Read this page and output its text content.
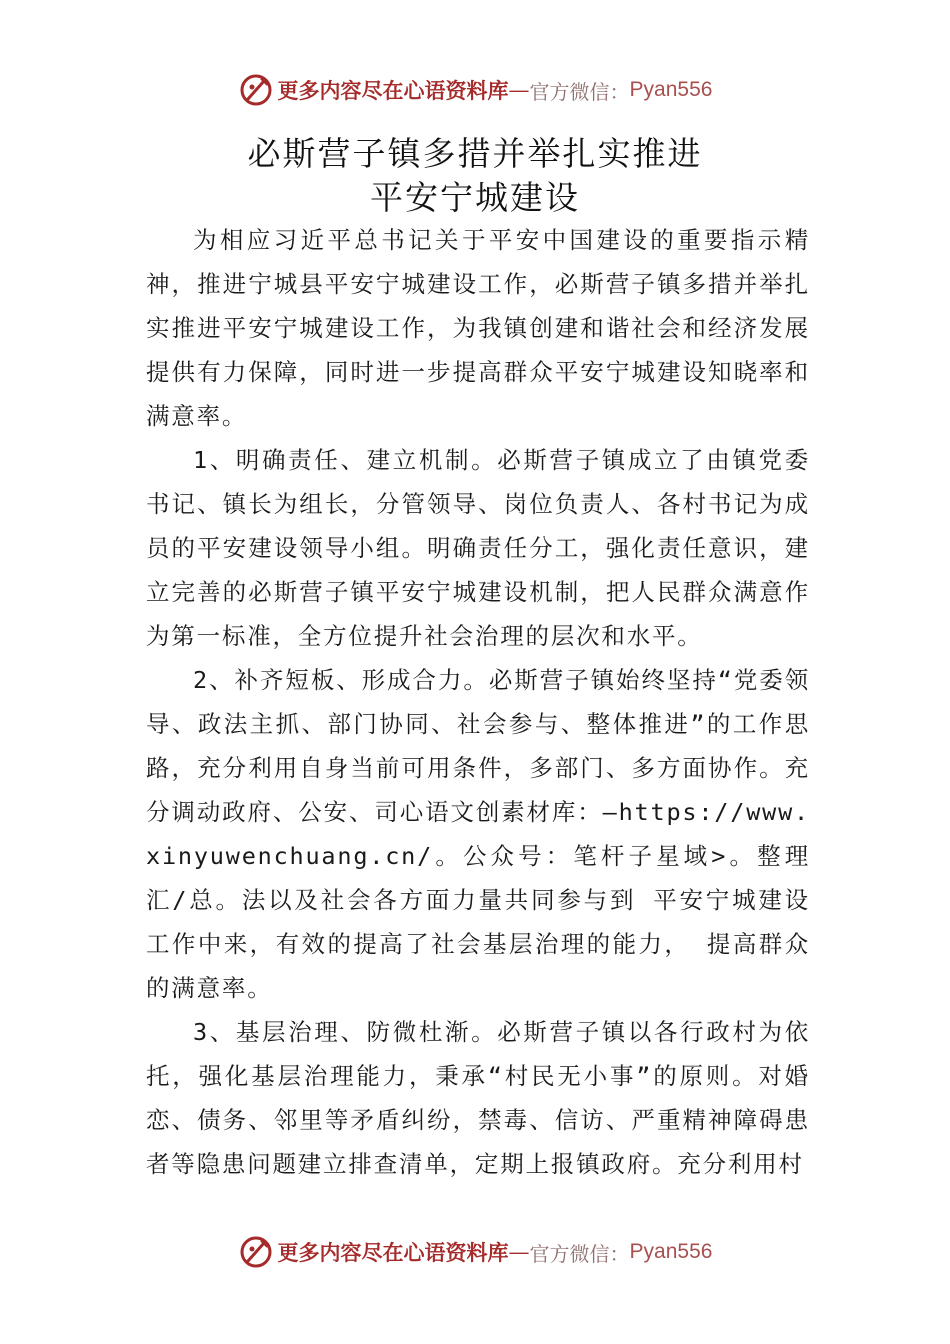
更多内容尽在心语资料库 — 官方微信： Pyan556
必斯营子镇多措并举扎实推进
平安宁城建设

为相应习近平总书记关于平安中国建设的重要指示精神，推进宁城县平安宁城建设工作，必斯营子镇多措并举扎实推进平安宁城建设工作，为我镇创建和谐社会和经济发展提供有力保障，同时进一步提高群众平安宁城建设知晓率和满意率。

1、明确责任、建立机制。必斯营子镇成立了由镇党委书记、镇长为组长，分管领导、岗位负责人、各村书记为成员的平安建设领导小组。明确责任分工，强化责任意识，建立完善的必斯营子镇平安宁城建设机制，把人民群众满意作为第一标准，全方位提升社会治理的层次和水平。

2、补齐短板、形成合力。必斯营子镇始终坚持“党委领导、政法主抓、部门协同、社会参与、整体推进”的工作思路，充分利用自身当前可用条件，多部门、多方面协作。充分调动政府、公安、司心语文创素材库：—https://www.xinyuwenchuang.cn/。公众号：笔杆子星域>。整理汇/总。法以及社会各方面力量共同参与到 平安宁城建设工作中来，有效的提高了社会基层治理的能力， 提高群众的满意率。

3、基层治理、防微杜渐。必斯营子镇以各行政村为依托，强化基层治理能力，秉承“村民无小事”的原则。对婚恋、债务、邻里等矛盾纠纷，禁毒、信访、严重精神障碍患者等隐患问题建立排查清单，定期上报镇政府。充分利用村

更多内容尽在心语资料库 — 官方微信： Pyan556
